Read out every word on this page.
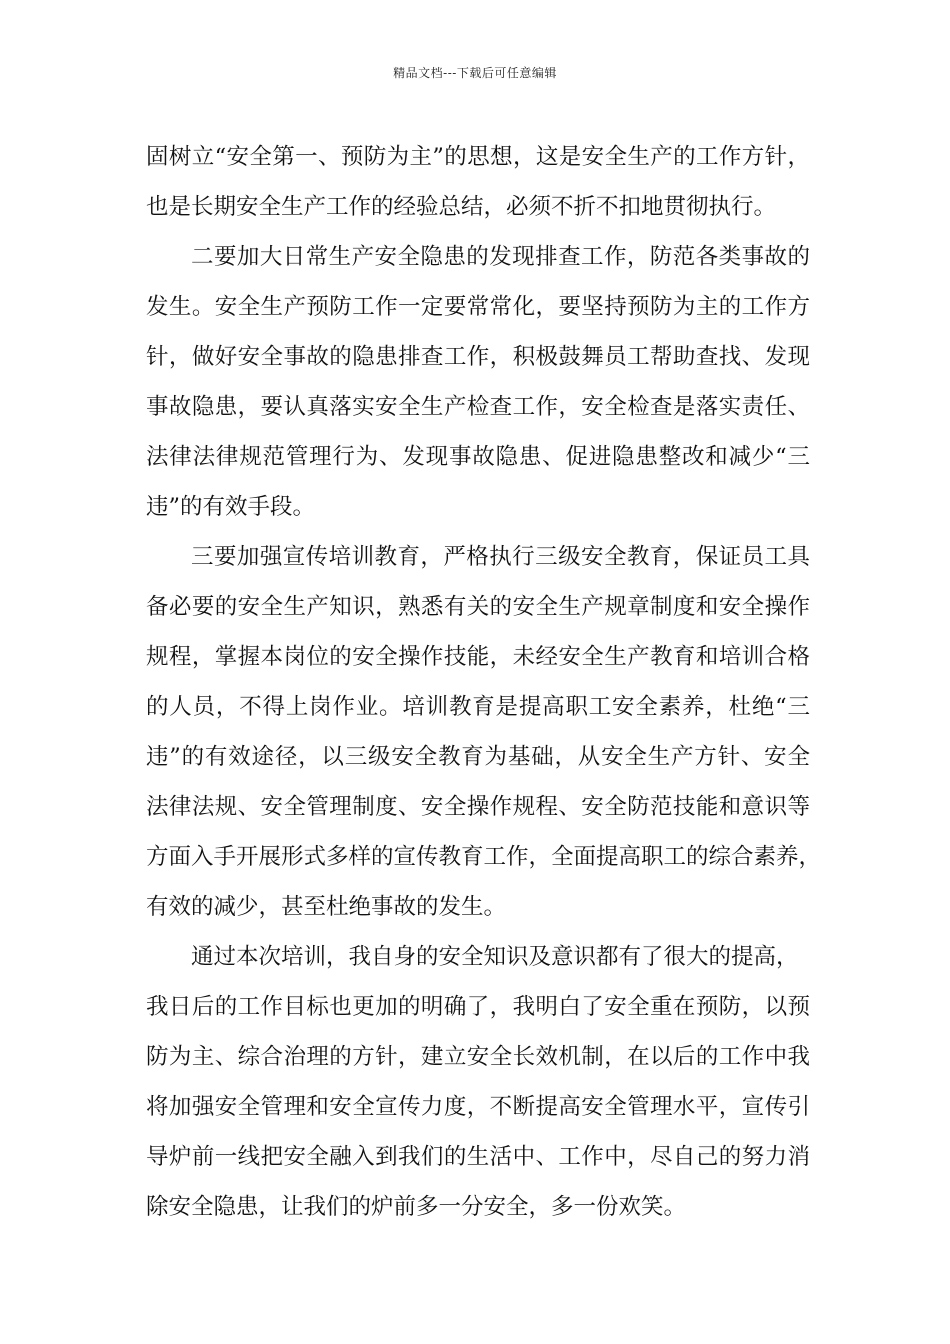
精品文档---下载后可任意编辑
固树立“安全第一、预防为主”的思想，这是安全生产的工作方针，
也是长期安全生产工作的经验总结，必须不折不扣地贯彻执行。
二要加大日常生产安全隐患的发现排查工作，防范各类事故的
发生。安全生产预防工作一定要常常化，要坚持预防为主的工作方
针，做好安全事故的隐患排查工作，积极鼓舞员工帮助查找、发现
事故隐患，要认真落实安全生产检查工作，安全检查是落实责任、
法律法律规范管理行为、发现事故隐患、促进隐患整改和减少“三
违”的有效手段。
三要加强宣传培训教育，严格执行三级安全教育，保证员工具
备必要的安全生产知识，熟悉有关的安全生产规章制度和安全操作
规程，掌握本岗位的安全操作技能，未经安全生产教育和培训合格
的人员，不得上岗作业。培训教育是提高职工安全素养，杜绝“三
违”的有效途径，以三级安全教育为基础，从安全生产方针、安全
法律法规、安全管理制度、安全操作规程、安全防范技能和意识等
方面入手开展形式多样的宣传教育工作，全面提高职工的综合素养，
有效的减少，甚至杜绝事故的发生。
通过本次培训，我自身的安全知识及意识都有了很大的提高，
我日后的工作目标也更加的明确了，我明白了安全重在预防，以预
防为主、综合治理的方针，建立安全长效机制，在以后的工作中我
将加强安全管理和安全宣传力度，不断提高安全管理水平，宣传引
导炉前一线把安全融入到我们的生活中、工作中，尽自己的努力消
除安全隐患，让我们的炉前多一分安全，多一份欢笑。
